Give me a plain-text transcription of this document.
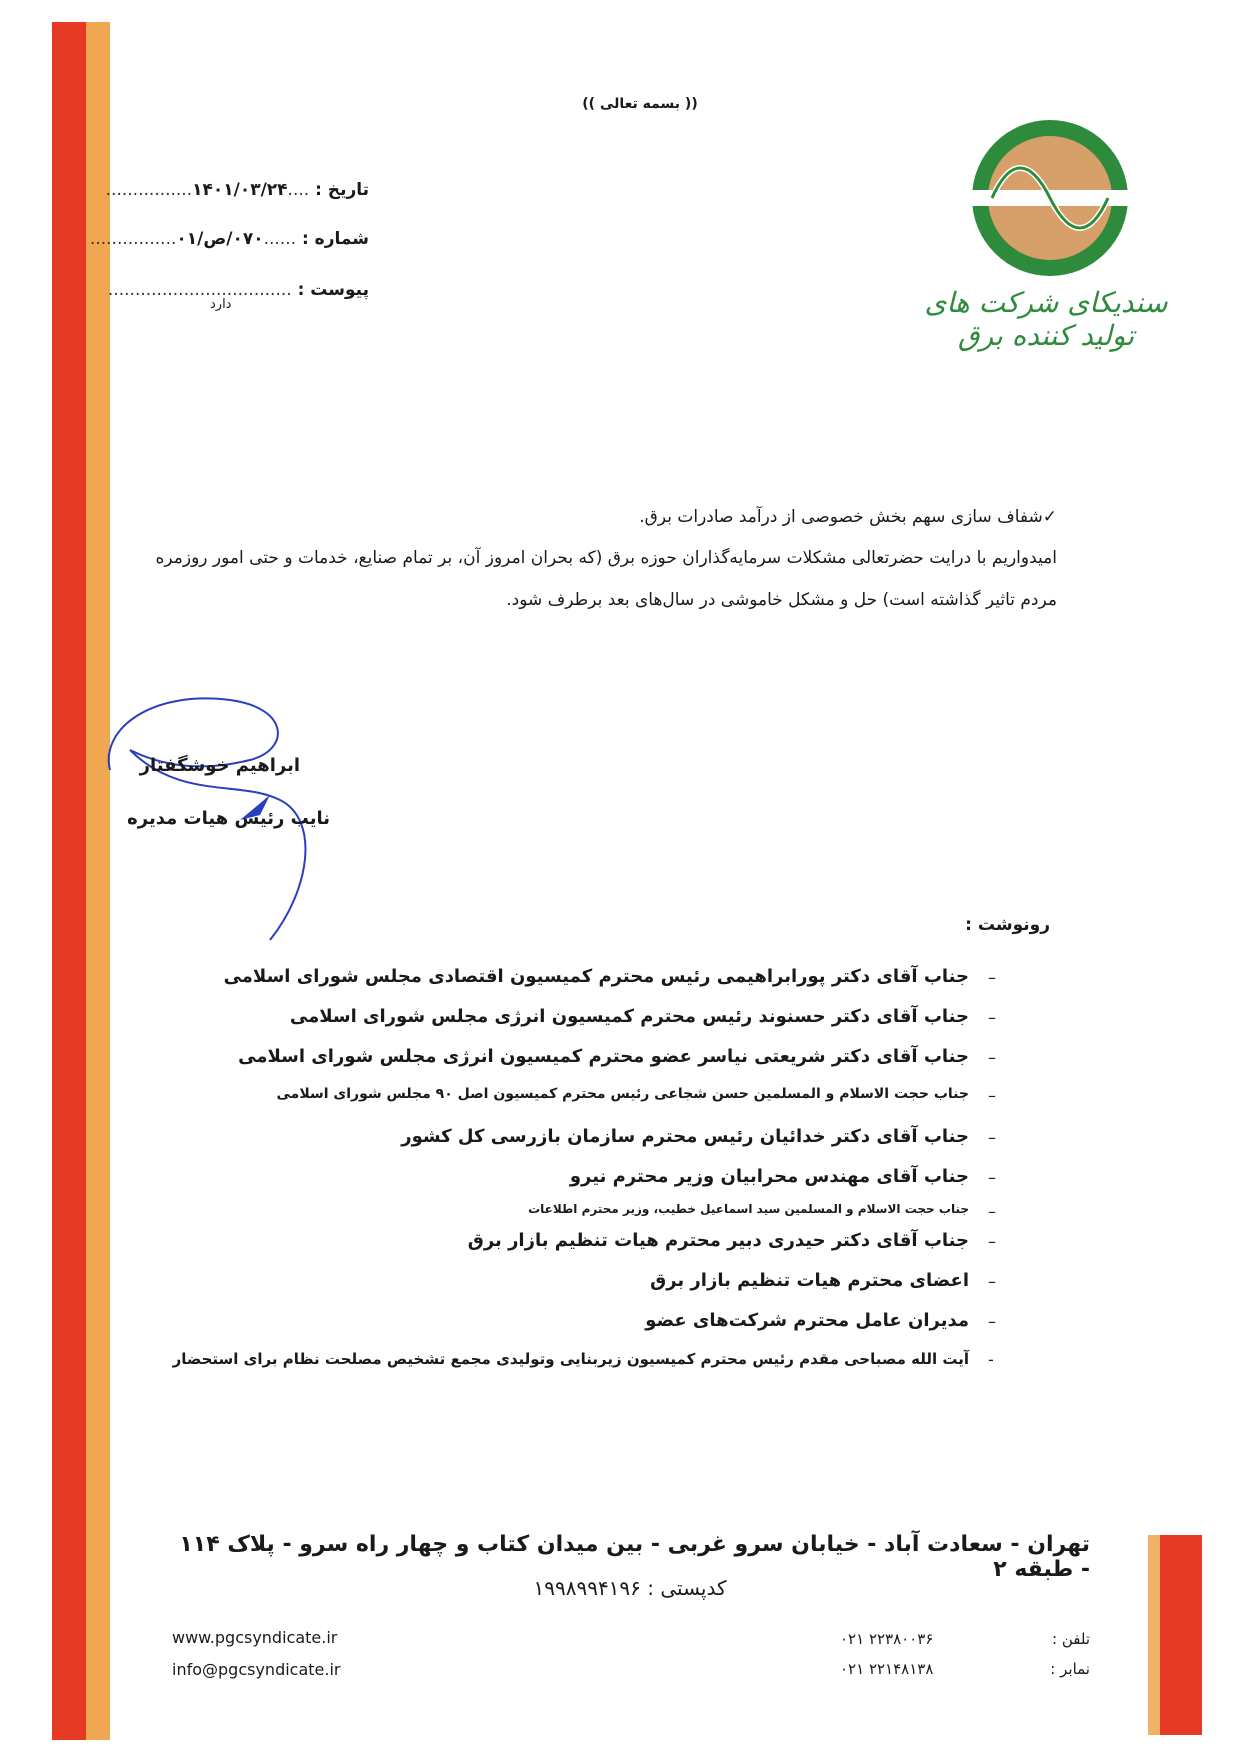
(( بسمه تعالی ))
تاریخ : ....۱۴۰۱/۰۳/۲۴................
شماره : ......۰۷۰/ص/۰۱................
پیوست : ..................................
دارد	سندیکای شرکت های تولید کننده برق
✓شفاف سازی سهم بخش خصوصی از درآمد صادرات برق.
امیدواریم با درایت حضرتعالی مشکلات سرمایه‌گذاران حوزه برق (که بحران امروز آن، بر تمام صنایع، خدمات و حتی امور روزمره
مردم تاثیر گذاشته است) حل و مشکل خاموشی در سال‌های بعد برطرف شود.
ابراهیم خوشگفتار
نایب رئیس هیات مدیره
رونوشت :
جناب آقای دکتر پورابراهیمی رئیس محترم کمیسیون اقتصادی مجلس شورای اسلامی
جناب آقای دکتر حسنوند رئیس محترم کمیسیون انرژی مجلس شورای اسلامی
جناب آقای دکتر شریعتی نیاسر عضو محترم کمیسیون انرژی مجلس شورای اسلامی
جناب حجت الاسلام و المسلمین حسن شجاعی رئیس محترم کمیسیون اصل ۹۰ مجلس شورای اسلامی
جناب آقای دکتر خدائیان رئیس محترم سازمان بازرسی کل کشور
جناب آقای مهندس محرابیان وزیر محترم نیرو
جناب حجت الاسلام و المسلمین سید اسماعیل خطیب، وزیر محترم اطلاعات
جناب آقای دکتر حیدری دبیر محترم هیات تنظیم بازار برق
اعضای محترم هیات تنظیم بازار برق
مدیران عامل محترم شرکت‌های عضو
آیت الله مصباحی مقدم رئیس محترم کمیسیون زیربنایی وتولیدی مجمع تشخیص مصلحت نظام برای استحضار
–
–
–
–
–
–
–
–
–
–
-
تهران - سعادت آباد - خیابان سرو غربی - بین میدان کتاب و چهار راه سرو - پلاک ۱۱۴ - طبقه ۲
کدپستی : ۱۹۹۸۹۹۴۱۹۶
www.pgcsyndicate.ir
info@pgcsyndicate.ir
تلفن :
۰۲۱ ۲۲۳۸۰۰۳۶
نمابر :
۰۲۱ ۲۲۱۴۸۱۳۸
